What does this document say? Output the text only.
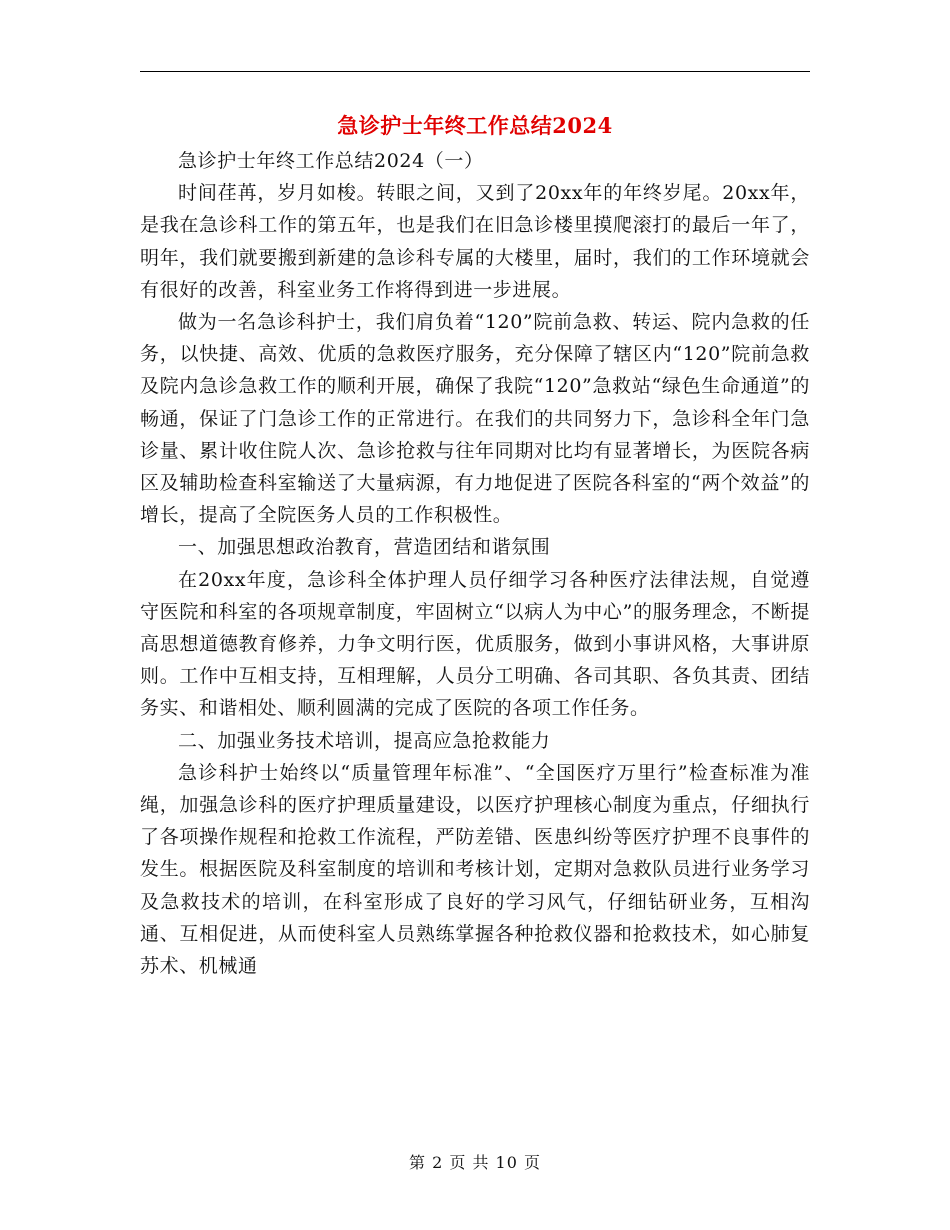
急诊护士年终工作总结2024

急诊护士年终工作总结2024（一）

时间荏苒，岁月如梭。转眼之间，又到了20xx年的年终岁尾。20xx年，是我在急诊科工作的第五年，也是我们在旧急诊楼里摸爬滚打的最后一年了，明年，我们就要搬到新建的急诊科专属的大楼里，届时，我们的工作环境就会有很好的改善，科室业务工作将得到进一步进展。

做为一名急诊科护士，我们肩负着“120”院前急救、转运、院内急救的任务，以快捷、高效、优质的急救医疗服务，充分保障了辖区内“120”院前急救及院内急诊急救工作的顺利开展，确保了我院“120”急救站“绿色生命通道”的畅通，保证了门急诊工作的正常进行。在我们的共同努力下，急诊科全年门急诊量、累计收住院人次、急诊抢救与往年同期对比均有显著增长，为医院各病区及辅助检查科室输送了大量病源，有力地促进了医院各科室的“两个效益”的增长，提高了全院医务人员的工作积极性。

一、加强思想政治教育，营造团结和谐氛围

在20xx年度，急诊科全体护理人员仔细学习各种医疗法律法规，自觉遵守医院和科室的各项规章制度，牢固树立“以病人为中心”的服务理念，不断提高思想道德教育修养，力争文明行医，优质服务，做到小事讲风格，大事讲原则。工作中互相支持，互相理解，人员分工明确、各司其职、各负其责、团结务实、和谐相处、顺利圆满的完成了医院的各项工作任务。

二、加强业务技术培训，提高应急抢救能力

急诊科护士始终以“质量管理年标准”、“全国医疗万里行”检查标准为准绳，加强急诊科的医疗护理质量建设，以医疗护理核心制度为重点，仔细执行了各项操作规程和抢救工作流程，严防差错、医患纠纷等医疗护理不良事件的发生。根据医院及科室制度的培训和考核计划，定期对急救队员进行业务学习及急救技术的培训，在科室形成了良好的学习风气，仔细钻研业务，互相沟通、互相促进，从而使科室人员熟练掌握各种抢救仪器和抢救技术，如心肺复苏术、机械通

第 2 页 共 10 页
